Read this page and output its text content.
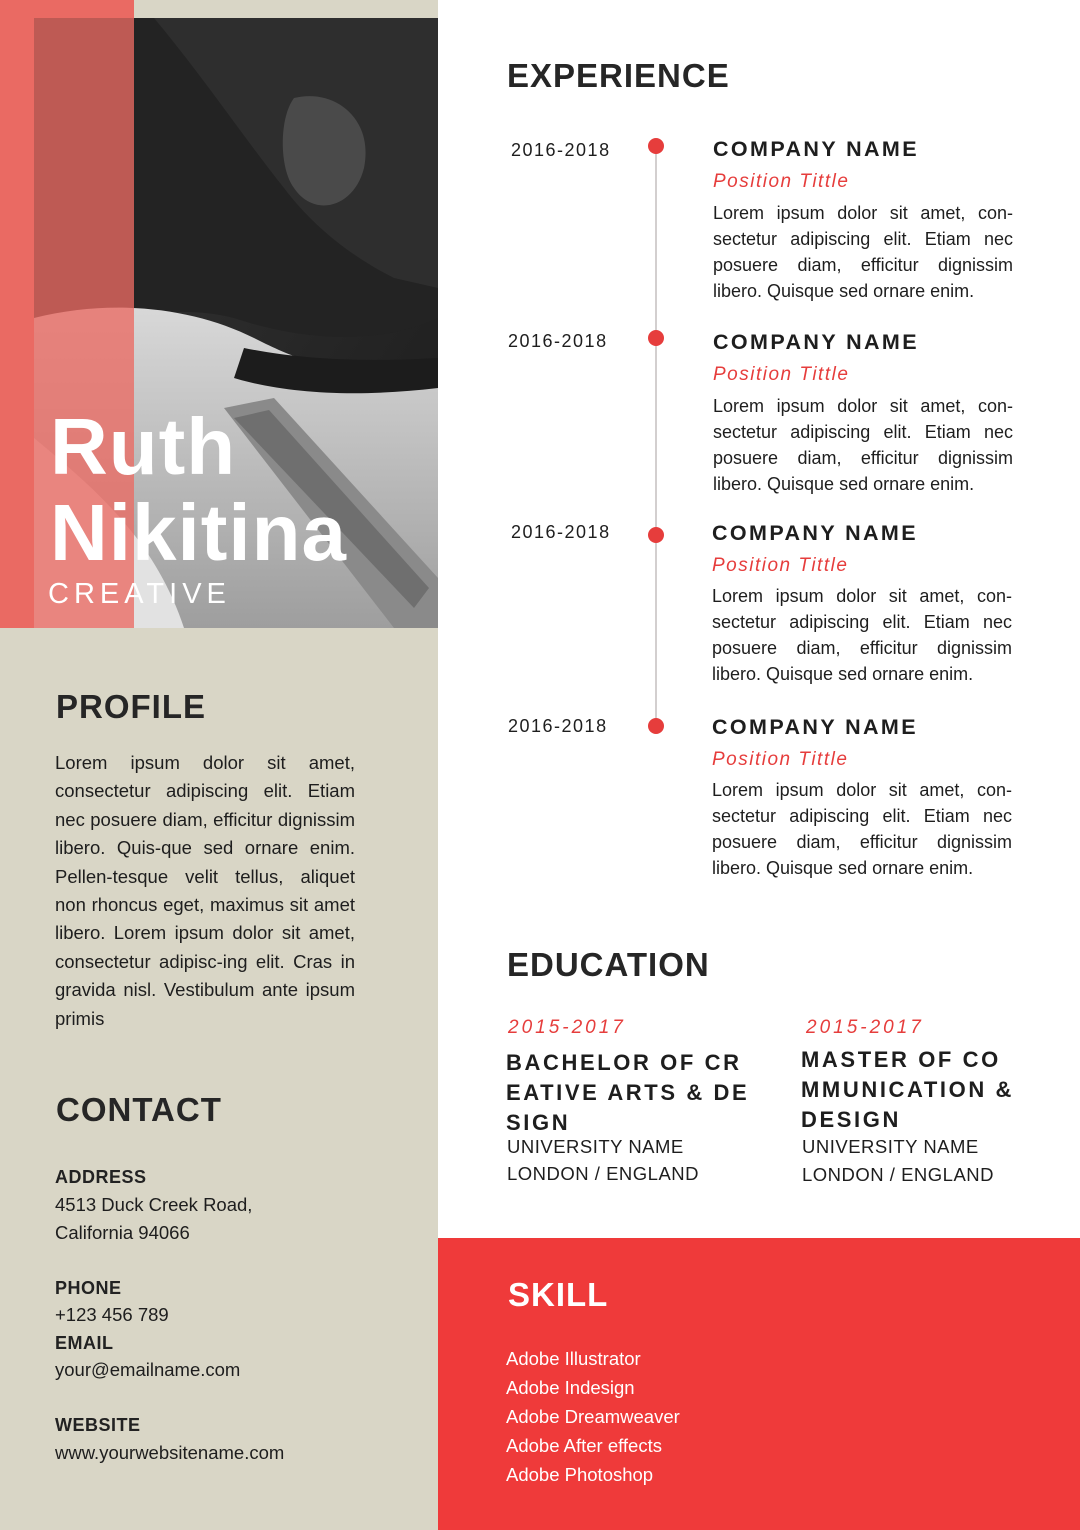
Ruth
Nikitina
CREATIVE
PROFILE

Lorem ipsum dolor sit amet, consectetur adipiscing elit. Etiam nec posuere diam, efficitur dignissim libero. Quis-que sed ornare enim. Pellen-tesque velit tellus, aliquet non rhoncus eget, maximus sit amet libero. Lorem ipsum dolor sit amet, consectetur adipisc-ing elit. Cras in gravida nisl. Vestibulum ante ipsum primis

CONTACT
ADDRESS
4513 Duck Creek Road,
California 94066
PHONE
+123 456 789
EMAIL
your@emailname.com
WEBSITE
www.yourwebsitename.com
EXPERIENCE
2016-2018	COMPANY NAME
Position Tittle

Lorem ipsum dolor sit amet, con-sectetur adipiscing elit. Etiam nec posuere diam, efficitur dignissim libero. Quisque sed ornare enim.

2016-2018	COMPANY NAME
Position Tittle

Lorem ipsum dolor sit amet, con-sectetur adipiscing elit. Etiam nec posuere diam, efficitur dignissim libero. Quisque sed ornare enim.

2016-2018	COMPANY NAME
Position Tittle

Lorem ipsum dolor sit amet, con-sectetur adipiscing elit. Etiam nec posuere diam, efficitur dignissim libero. Quisque sed ornare enim.

2016-2018	COMPANY NAME
Position Tittle

Lorem ipsum dolor sit amet, con-sectetur adipiscing elit. Etiam nec posuere diam, efficitur dignissim libero. Quisque sed ornare enim.

EDUCATION
2015-2017

BACHELOR OF CREATIVE ARTS & DESIGN

UNIVERSITY NAME
LONDON / ENGLAND
2015-2017

MASTER OF COMMUNICATION & DESIGN

UNIVERSITY NAME
LONDON / ENGLAND
SKILL
Adobe Illustrator
Adobe Indesign
Adobe Dreamweaver
Adobe After effects
Adobe Photoshop
